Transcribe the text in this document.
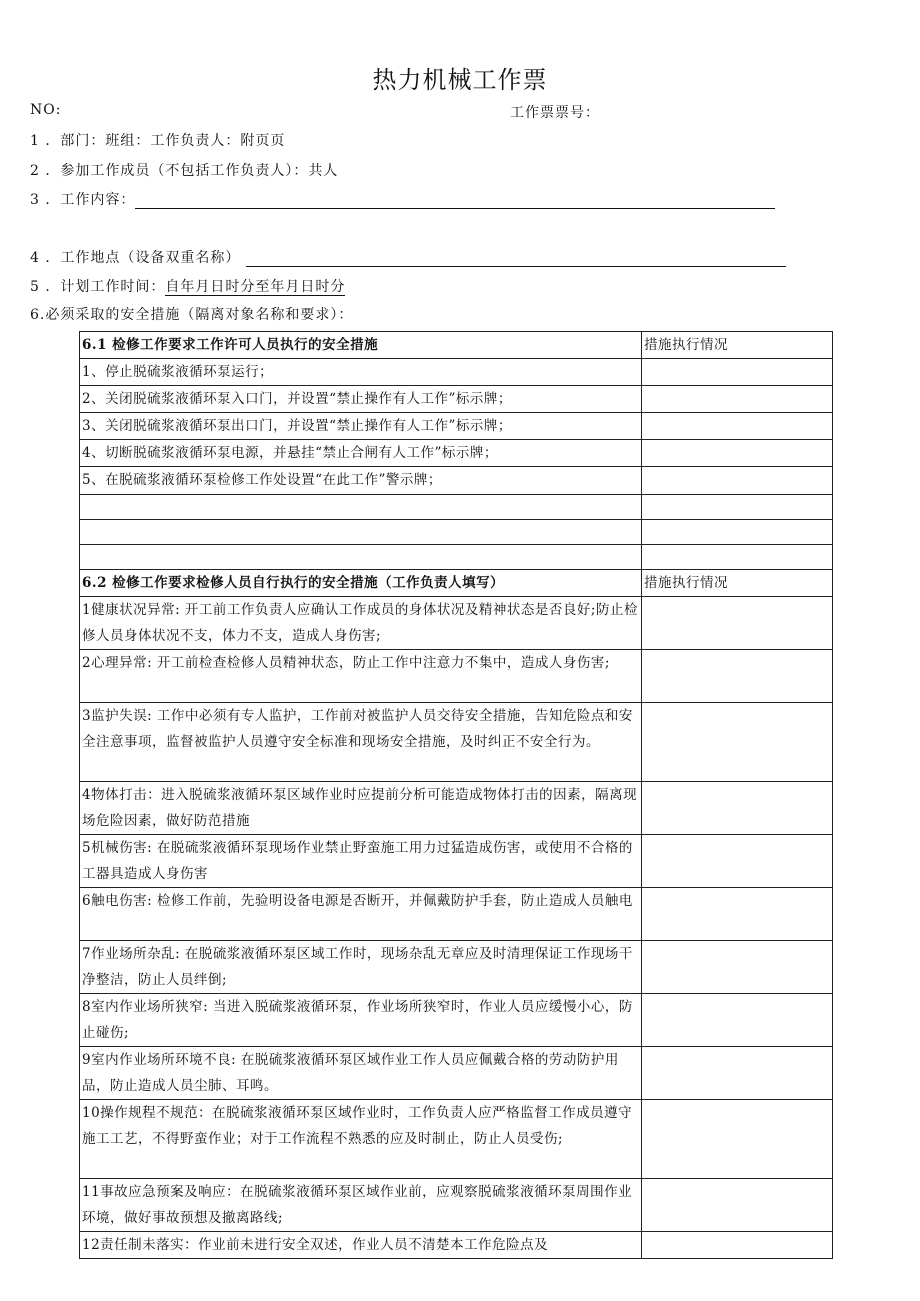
热力机械工作票
NO:	工作票票号：
1 ．部门：班组：工作负责人：附页页
2 ．参加工作成员（不包括工作负责人）：共人
3 ．工作内容：
4 ．工作地点（设备双重名称）
5 ．计划工作时间：自年月日时分至年月日时分
6.必须采取的安全措施（隔离对象名称和要求）：
6.1 检修工作要求工作许可人员执行的安全措施	措施执行情况
1、停止脱硫浆液循环泵运行；	
2、关闭脱硫浆液循环泵入口门，并设置“禁止操作有人工作”标示牌；	
3、关闭脱硫浆液循环泵出口门，并设置“禁止操作有人工作”标示牌；	
4、切断脱硫浆液循环泵电源，并悬挂“禁止合闸有人工作”标示牌；	
5、在脱硫浆液循环泵检修工作处设置“在此工作”警示牌；	

6.2 检修工作要求检修人员自行执行的安全措施（工作负责人填写）	措施执行情况
1健康状况异常: 开工前工作负责人应确认工作成员的身体状况及精神状态是否良好;防止检修人员身体状况不支，体力不支，造成人身伤害;	
2心理异常: 开工前检查检修人员精神状态，防止工作中注意力不集中，造成人身伤害;	
3监护失误: 工作中必须有专人监护，工作前对被监护人员交待安全措施，告知危险点和安全注意事项，监督被监护人员遵守安全标准和现场安全措施，及时纠正不安全行为。	
4物体打击：进入脱硫浆液循环泵区域作业时应提前分析可能造成物体打击的因素，隔离现场危险因素，做好防范措施	
5机械伤害: 在脱硫浆液循环泵现场作业禁止野蛮施工用力过猛造成伤害，或使用不合格的工器具造成人身伤害	
6触电伤害: 检修工作前，先验明设备电源是否断开，并佩戴防护手套，防止造成人员触电	
7作业场所杂乱: 在脱硫浆液循环泵区域工作时，现场杂乱无章应及时清理保证工作现场干净整洁，防止人员绊倒;	
8室内作业场所狭窄: 当进入脱硫浆液循环泵，作业场所狭窄时，作业人员应缓慢小心，防止碰伤;	
9室内作业场所环境不良: 在脱硫浆液循环泵区域作业工作人员应佩戴合格的劳动防护用品，防止造成人员尘肺、耳鸣。	
10操作规程不规范：在脱硫浆液循环泵区域作业时，工作负责人应严格监督工作成员遵守施工工艺，不得野蛮作业；对于工作流程不熟悉的应及时制止，防止人员受伤;	
11事故应急预案及响应：在脱硫浆液循环泵区域作业前，应观察脱硫浆液循环泵周围作业环境，做好事故预想及撤离路线;	
12责任制未落实：作业前未进行安全双述，作业人员不清楚本工作危险点及	
